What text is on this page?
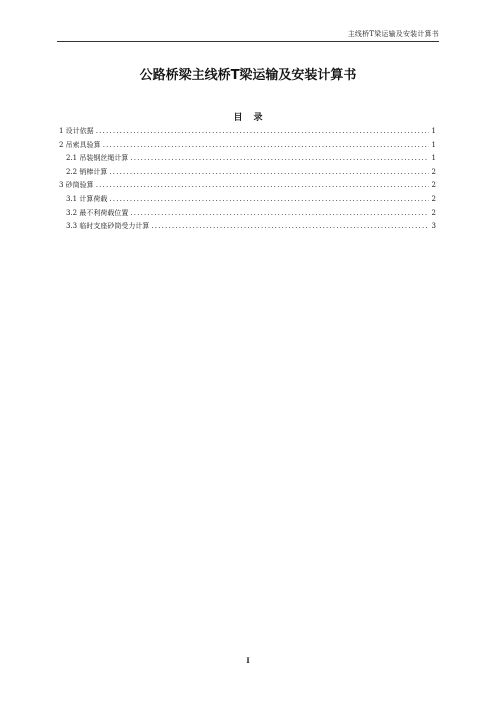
主线桥T梁运输及安装计算书
公路桥梁主线桥T梁运输及安装计算书
目录
1 设计依据 .....	1
2 吊索具验算 .....	1
2.1 吊装钢丝绳计算 .....	1
2.2 销棒计算 .....	2
3 砂筒验算 .....	2
3.1 计算荷载 .....	2
3.2 最不利荷载位置 .....	2
3.3 临时支座砂筒受力计算 .....	3
I
